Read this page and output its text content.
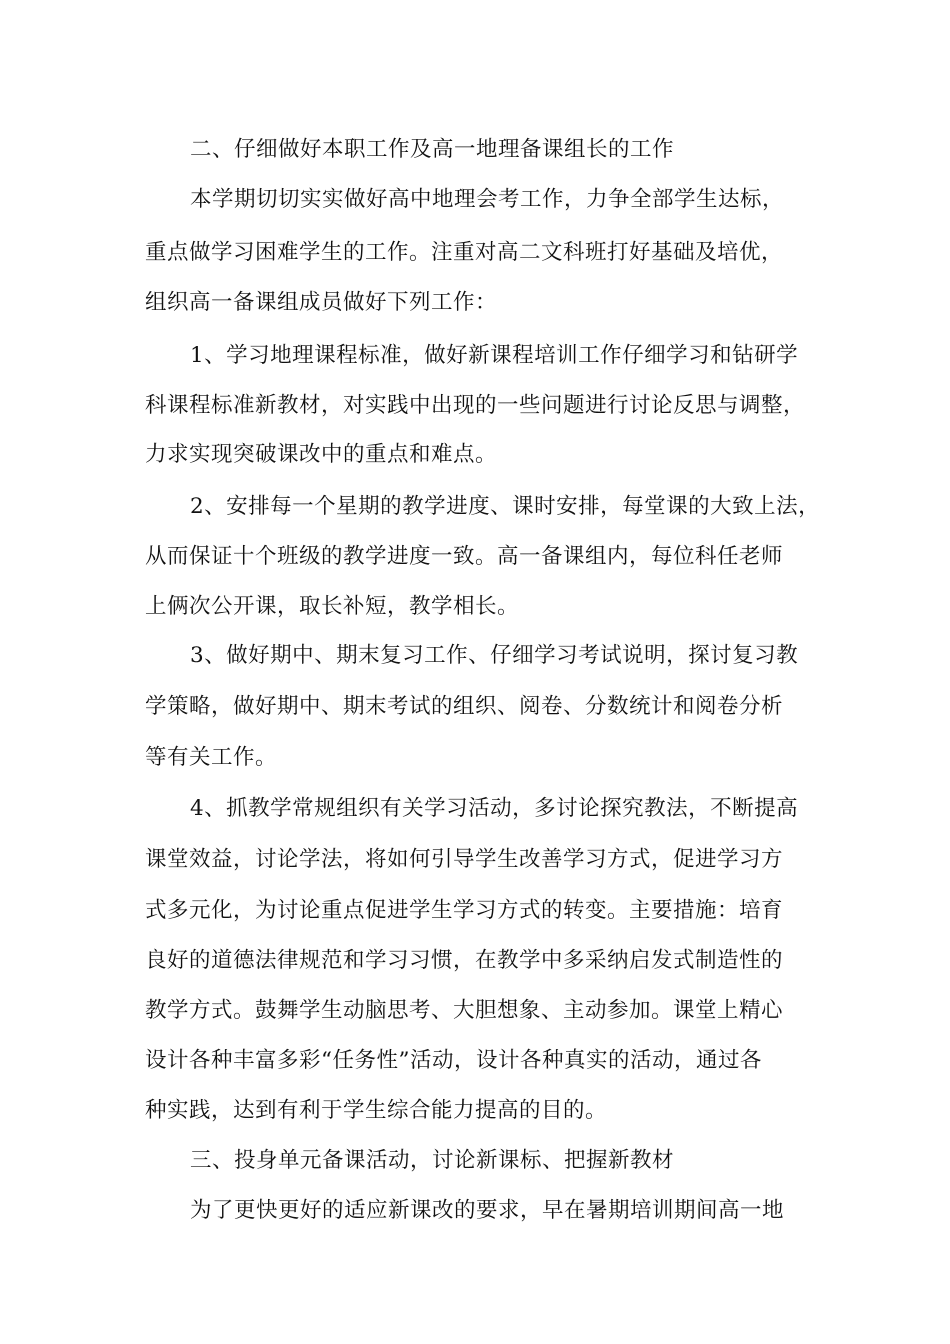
二、仔细做好本职工作及高一地理备课组长的工作

本学期切切实实做好高中地理会考工作，力争全部学生达标，

重点做学习困难学生的工作。注重对高二文科班打好基础及培优，

组织高一备课组成员做好下列工作：

1、学习地理课程标准，做好新课程培训工作仔细学习和钻研学

科课程标准新教材，对实践中出现的一些问题进行讨论反思与调整，

力求实现突破课改中的重点和难点。

2、安排每一个星期的教学进度、课时安排，每堂课的大致上法，

从而保证十个班级的教学进度一致。高一备课组内，每位科任老师

上俩次公开课，取长补短，教学相长。

3、做好期中、期末复习工作、仔细学习考试说明，探讨复习教

学策略，做好期中、期末考试的组织、阅卷、分数统计和阅卷分析

等有关工作。

4、抓教学常规组织有关学习活动，多讨论探究教法，不断提高

课堂效益，讨论学法，将如何引导学生改善学习方式，促进学习方

式多元化，为讨论重点促进学生学习方式的转变。主要措施：培育

良好的道德法律规范和学习习惯，在教学中多采纳启发式制造性的

教学方式。鼓舞学生动脑思考、大胆想象、主动参加。课堂上精心

设计各种丰富多彩“任务性”活动，设计各种真实的活动，通过各

种实践，达到有利于学生综合能力提高的目的。

三、投身单元备课活动，讨论新课标、把握新教材

为了更快更好的适应新课改的要求，早在暑期培训期间高一地
